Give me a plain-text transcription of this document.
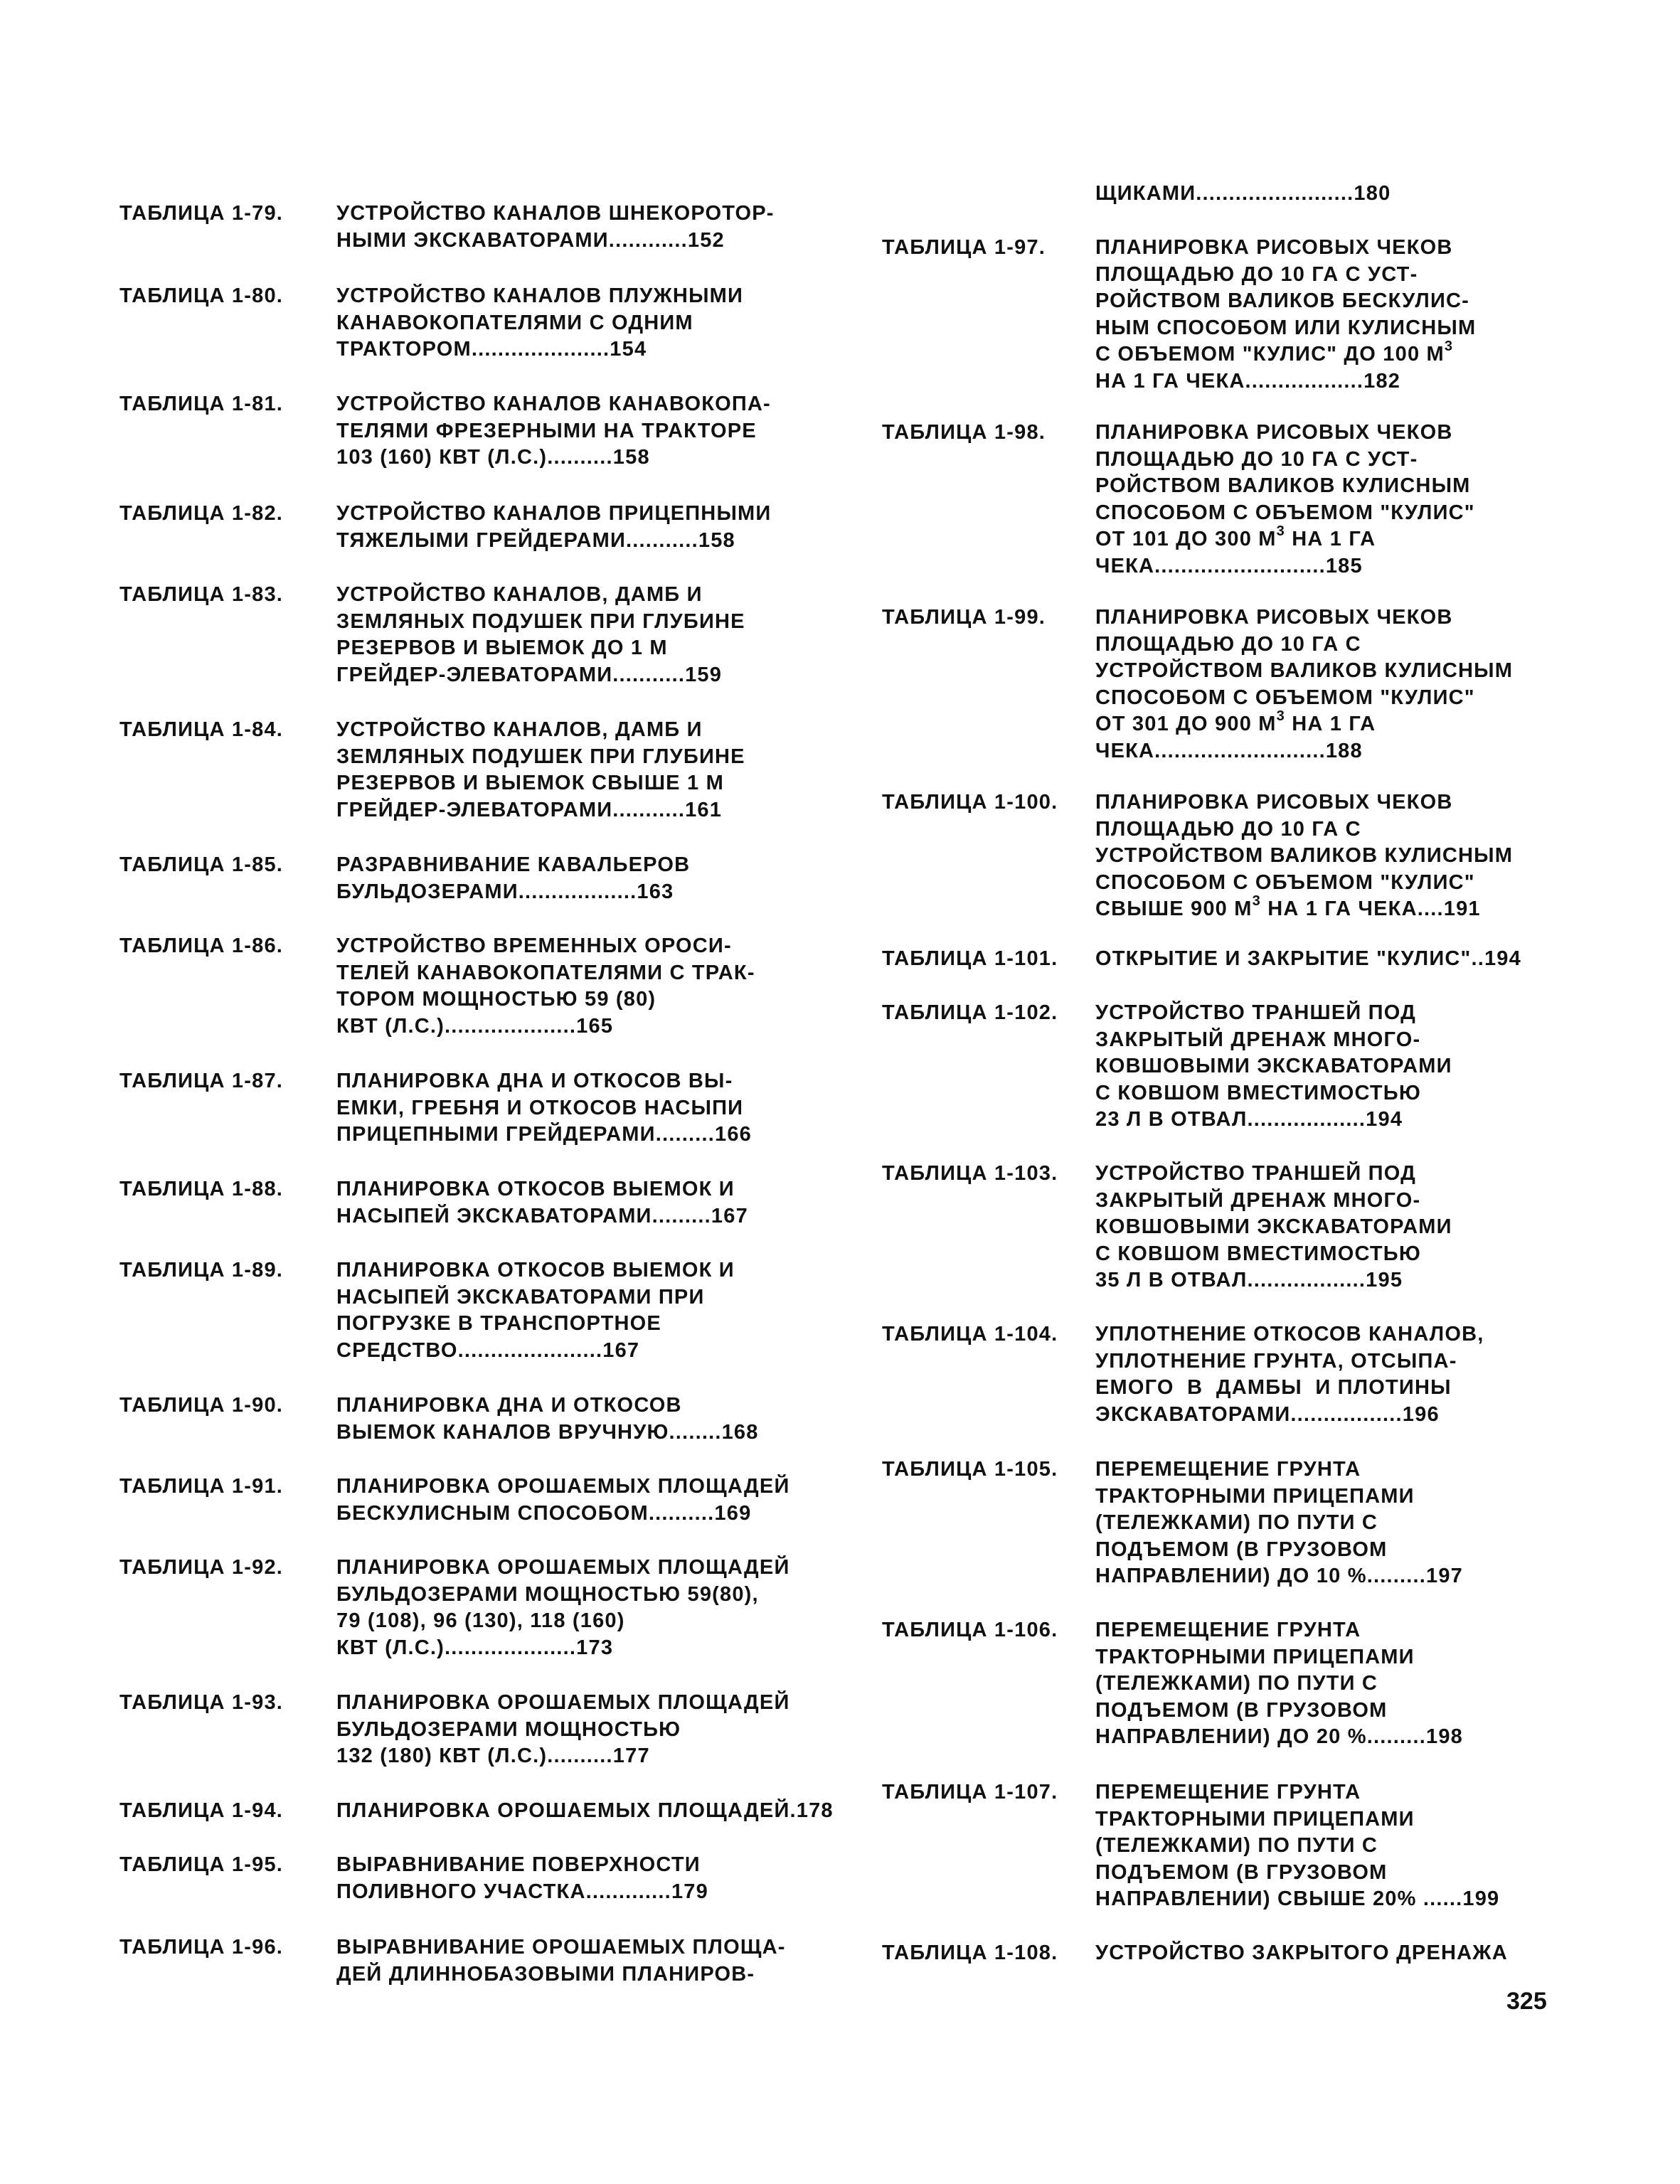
ТАБЛИЦА 1-79.	УСТРОЙСТВО КАНАЛОВ ШНЕКОРОТОР-
НЫМИ ЭКСКАВАТОРАМИ............152
ТАБЛИЦА 1-80.	УСТРОЙСТВО КАНАЛОВ ПЛУЖНЫМИ
КАНАВОКОПАТЕЛЯМИ С ОДНИМ
ТРАКТОРОМ.....................154
ТАБЛИЦА 1-81.	УСТРОЙСТВО КАНАЛОВ КАНАВОКОПА-
ТЕЛЯМИ ФРЕЗЕРНЫМИ НА ТРАКТОРЕ
103 (160) КВТ (Л.С.)..........158
ТАБЛИЦА 1-82.	УСТРОЙСТВО КАНАЛОВ ПРИЦЕПНЫМИ
ТЯЖЕЛЫМИ ГРЕЙДЕРАМИ...........158
ТАБЛИЦА 1-83.	УСТРОЙСТВО КАНАЛОВ, ДАМБ И
ЗЕМЛЯНЫХ ПОДУШЕК ПРИ ГЛУБИНЕ
РЕЗЕРВОВ И ВЫЕМОК ДО 1 М
ГРЕЙДЕР-ЭЛЕВАТОРАМИ...........159
ТАБЛИЦА 1-84.	УСТРОЙСТВО КАНАЛОВ, ДАМБ И
ЗЕМЛЯНЫХ ПОДУШЕК ПРИ ГЛУБИНЕ
РЕЗЕРВОВ И ВЫЕМОК СВЫШЕ 1 М
ГРЕЙДЕР-ЭЛЕВАТОРАМИ...........161
ТАБЛИЦА 1-85.	РАЗРАВНИВАНИЕ КАВАЛЬЕРОВ
БУЛЬДОЗЕРАМИ..................163
ТАБЛИЦА 1-86.	УСТРОЙСТВО ВРЕМЕННЫХ ОРОСИ-
ТЕЛЕЙ КАНАВОКОПАТЕЛЯМИ С ТРАК-
ТОРОМ МОЩНОСТЬЮ 59 (80)
КВТ (Л.С.)....................165
ТАБЛИЦА 1-87.	ПЛАНИРОВКА ДНА И ОТКОСОВ ВЫ-
ЕМКИ, ГРЕБНЯ И ОТКОСОВ НАСЫПИ
ПРИЦЕПНЫМИ ГРЕЙДЕРАМИ.........166
ТАБЛИЦА 1-88.	ПЛАНИРОВКА ОТКОСОВ ВЫЕМОК И
НАСЫПЕЙ ЭКСКАВАТОРАМИ.........167
ТАБЛИЦА 1-89.	ПЛАНИРОВКА ОТКОСОВ ВЫЕМОК И
НАСЫПЕЙ ЭКСКАВАТОРАМИ ПРИ
ПОГРУЗКЕ В ТРАНСПОРТНОЕ
СРЕДСТВО......................167
ТАБЛИЦА 1-90.	ПЛАНИРОВКА ДНА И ОТКОСОВ
ВЫЕМОК КАНАЛОВ ВРУЧНУЮ........168
ТАБЛИЦА 1-91.	ПЛАНИРОВКА ОРОШАЕМЫХ ПЛОЩАДЕЙ
БЕСКУЛИСНЫМ СПОСОБОМ..........169
ТАБЛИЦА 1-92.	ПЛАНИРОВКА ОРОШАЕМЫХ ПЛОЩАДЕЙ
БУЛЬДОЗЕРАМИ МОЩНОСТЬЮ 59(80),
79 (108), 96 (130), 118 (160)
КВТ (Л.С.)....................173
ТАБЛИЦА 1-93.	ПЛАНИРОВКА ОРОШАЕМЫХ ПЛОЩАДЕЙ
БУЛЬДОЗЕРАМИ МОЩНОСТЬЮ
132 (180) КВТ (Л.С.)..........177
ТАБЛИЦА 1-94.	ПЛАНИРОВКА ОРОШАЕМЫХ ПЛОЩАДЕЙ.178
ТАБЛИЦА 1-95.	ВЫРАВНИВАНИЕ ПОВЕРХНОСТИ
ПОЛИВНОГО УЧАСТКА.............179
ТАБЛИЦА 1-96.	ВЫРАВНИВАНИЕ ОРОШАЕМЫХ ПЛОЩА-
ДЕЙ ДЛИННОБАЗОВЫМИ ПЛАНИРОВ-
ЩИКАМИ........................180
ТАБЛИЦА 1-97.	ПЛАНИРОВКА РИСОВЫХ ЧЕКОВ
ПЛОЩАДЬЮ ДО 10 ГА С УСТ-
РОЙСТВОМ ВАЛИКОВ БЕСКУЛИС-
НЫМ СПОСОБОМ ИЛИ КУЛИСНЫМ
С ОБЪЕМОМ "КУЛИС" ДО 100 $М^3$
НА 1 ГА ЧЕКА..................182
ТАБЛИЦА 1-98.	ПЛАНИРОВКА РИСОВЫХ ЧЕКОВ
ПЛОЩАДЬЮ ДО 10 ГА С УСТ-
РОЙСТВОМ ВАЛИКОВ КУЛИСНЫМ
СПОСОБОМ С ОБЪЕМОМ "КУЛИС"
ОТ 101 ДО 300 $М^3$ НА 1 ГА
ЧЕКА..........................185
ТАБЛИЦА 1-99.	ПЛАНИРОВКА РИСОВЫХ ЧЕКОВ
ПЛОЩАДЬЮ ДО 10 ГА С
УСТРОЙСТВОМ ВАЛИКОВ КУЛИСНЫМ
СПОСОБОМ С ОБЪЕМОМ "КУЛИС"
ОТ 301 ДО 900 $М^3$ НА 1 ГА
ЧЕКА..........................188
ТАБЛИЦА 1-100.	ПЛАНИРОВКА РИСОВЫХ ЧЕКОВ
ПЛОЩАДЬЮ ДО 10 ГА С
УСТРОЙСТВОМ ВАЛИКОВ КУЛИСНЫМ
СПОСОБОМ С ОБЪЕМОМ "КУЛИС"
СВЫШЕ 900 $М^3$ НА 1 ГА ЧЕКА....191
ТАБЛИЦА 1-101.	ОТКРЫТИЕ И ЗАКРЫТИЕ "КУЛИС"..194
ТАБЛИЦА 1-102.	УСТРОЙСТВО ТРАНШЕЙ ПОД
ЗАКРЫТЫЙ ДРЕНАЖ МНОГО-
КОВШОВЫМИ ЭКСКАВАТОРАМИ
С КОВШОМ ВМЕСТИМОСТЬЮ
23 Л В ОТВАЛ..................194
ТАБЛИЦА 1-103.	УСТРОЙСТВО ТРАНШЕЙ ПОД
ЗАКРЫТЫЙ ДРЕНАЖ МНОГО-
КОВШОВЫМИ ЭКСКАВАТОРАМИ
С КОВШОМ ВМЕСТИМОСТЬЮ
35 Л В ОТВАЛ..................195
ТАБЛИЦА 1-104.	УПЛОТНЕНИЕ ОТКОСОВ КАНАЛОВ,
УПЛОТНЕНИЕ ГРУНТА, ОТСЫПА-
ЕМОГО  В  ДАМБЫ  И ПЛОТИНЫ
ЭКСКАВАТОРАМИ.................196
ТАБЛИЦА 1-105.	ПЕРЕМЕЩЕНИЕ ГРУНТА
ТРАКТОРНЫМИ ПРИЦЕПАМИ
(ТЕЛЕЖКАМИ) ПО ПУТИ С
ПОДЪЕМОМ (В ГРУЗОВОМ
НАПРАВЛЕНИИ) ДО 10 %.........197
ТАБЛИЦА 1-106.	ПЕРЕМЕЩЕНИЕ ГРУНТА
ТРАКТОРНЫМИ ПРИЦЕПАМИ
(ТЕЛЕЖКАМИ) ПО ПУТИ С
ПОДЪЕМОМ (В ГРУЗОВОМ
НАПРАВЛЕНИИ) ДО 20 %.........198
ТАБЛИЦА 1-107.	ПЕРЕМЕЩЕНИЕ ГРУНТА
ТРАКТОРНЫМИ ПРИЦЕПАМИ
(ТЕЛЕЖКАМИ) ПО ПУТИ С
ПОДЪЕМОМ (В ГРУЗОВОМ
НАПРАВЛЕНИИ) СВЫШЕ 20% ......199
ТАБЛИЦА 1-108.	УСТРОЙСТВО ЗАКРЫТОГО ДРЕНАЖА
325
